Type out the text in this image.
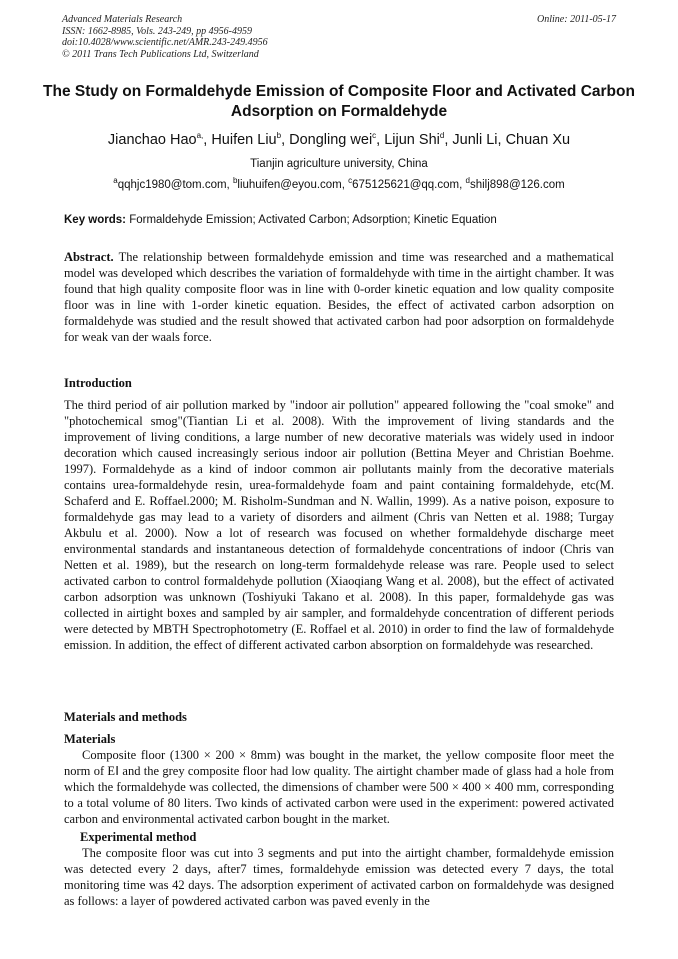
Advanced Materials Research
ISSN: 1662-8985, Vols. 243-249, pp 4956-4959
doi:10.4028/www.scientific.net/AMR.243-249.4956
© 2011 Trans Tech Publications Ltd, Switzerland
Online: 2011-05-17
The Study on Formaldehyde Emission of Composite Floor and Activated Carbon Adsorption on Formaldehyde
Jianchao Hao$^{a,}$, Huifen Liu$^b$, Dongling wei$^c$, Lijun Shi$^d$, Junli Li, Chuan Xu
Tianjin agriculture university, China
$^a$qqhjc1980@tom.com, $^b$liuhuifen@eyou.com, $^c$675125621@qq.com, $^d$shilj898@126.com
Key words: Formaldehyde Emission; Activated Carbon; Adsorption; Kinetic Equation

Abstract. The relationship between formaldehyde emission and time was researched and a mathematical model was developed which describes the variation of formaldehyde with time in the airtight chamber. It was found that high quality composite floor was in line with 0-order kinetic equation and low quality composite floor was in line with 1-order kinetic equation. Besides, the effect of activated carbon adsorption on formaldehyde was studied and the result showed that activated carbon had poor adsorption on formaldehyde for weak van der waals force.

Introduction

The third period of air pollution marked by "indoor air pollution" appeared following the "coal smoke" and "photochemical smog"(Tiantian Li et al. 2008). With the improvement of living standards and the improvement of living conditions, a large number of new decorative materials was widely used in indoor decoration which caused increasingly serious indoor air pollution (Bettina Meyer and Christian Boehme. 1997). Formaldehyde as a kind of indoor common air pollutants mainly from the decorative materials contains urea-formaldehyde resin, urea-formaldehyde foam and paint containing formaldehyde, etc(M. Schaferd and E. Roffael.2000; M. Risholm-Sundman and N. Wallin, 1999). As a native poison, exposure to formaldehyde gas may lead to a variety of disorders and ailment (Chris van Netten et al. 1988; Turgay Akbulu et al. 2000). Now a lot of research was focused on whether formaldehyde discharge meet environmental standards and instantaneous detection of formaldehyde concentrations of indoor (Chris van Netten et al. 1989), but the research on long-term formaldehyde release was rare. People used to select activated carbon to control formaldehyde pollution (Xiaoqiang Wang et al. 2008), but the effect of activated carbon adsorption was unknown (Toshiyuki Takano et al. 2008). In this paper, formaldehyde gas was collected in airtight boxes and sampled by air sampler, and formaldehyde concentration of different periods were detected by MBTH Spectrophotometry (E. Roffael et al. 2010) in order to find the law of formaldehyde emission. In addition, the effect of different activated carbon absorption on formaldehyde was researched.

Materials and methods
Materials

Composite floor (1300 × 200 × 8mm) was bought in the market, the yellow composite floor meet the norm of EⅠ and the grey composite floor had low quality. The airtight chamber made of glass had a hole from which the formaldehyde was collected, the dimensions of chamber were 500 × 400 × 400 mm, corresponding to a total volume of 80 liters. Two kinds of activated carbon were used in the experiment: powered activated carbon and environmental activated carbon bought in the market.

Experimental method

The composite floor was cut into 3 segments and put into the airtight chamber, formaldehyde emission was detected every 2 days, after7 times, formaldehyde emission was detected every 7 days, the total monitoring time was 42 days. The adsorption experiment of activated carbon on formaldehyde was designed as follows: a layer of powdered activated carbon was paved evenly in the
